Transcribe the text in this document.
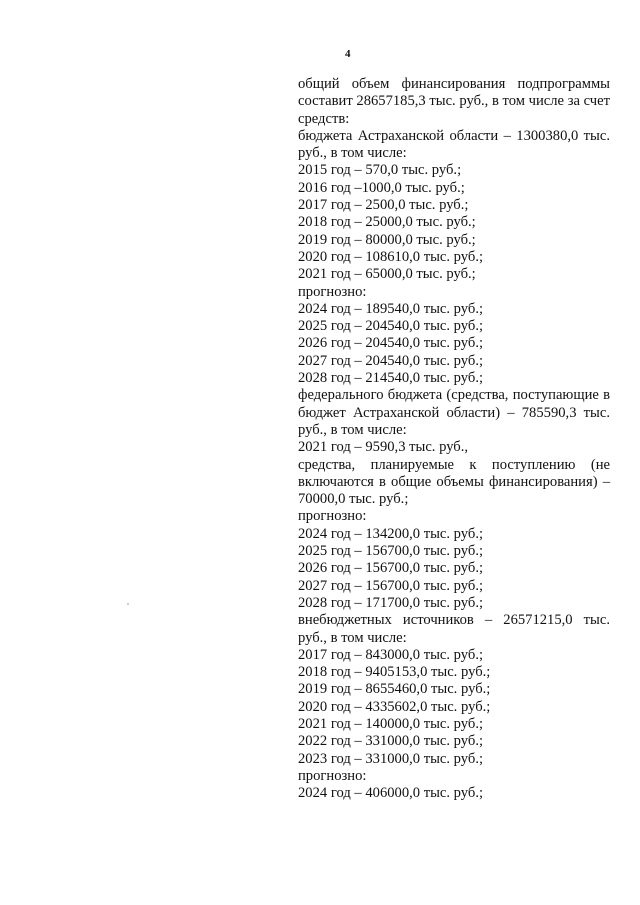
4

общий объем финансирования подпрограммы составит 28657185,3 тыс. руб., в том числе за счет средств:

бюджета Астраханской области – 1300380,0 тыс. руб., в том числе:

2015 год – 570,0 тыс. руб.;

2016 год –1000,0 тыс. руб.;

2017 год – 2500,0 тыс. руб.;

2018 год – 25000,0 тыс. руб.;

2019 год – 80000,0 тыс. руб.;

2020 год – 108610,0 тыс. руб.;

2021 год – 65000,0 тыс. руб.;

прогнозно:

2024 год – 189540,0 тыс. руб.;

2025 год – 204540,0 тыс. руб.;

2026 год – 204540,0 тыс. руб.;

2027 год – 204540,0 тыс. руб.;

2028 год – 214540,0 тыс. руб.;

федерального бюджета (средства, поступающие в бюджет Астраханской области) – 785590,3 тыс. руб., в том числе:

2021 год – 9590,3 тыс. руб.,

средства, планируемые к поступлению (не включаются в общие объемы финансирования) – 70000,0 тыс. руб.;

прогнозно:

2024 год – 134200,0 тыс. руб.;

2025 год – 156700,0 тыс. руб.;

2026 год – 156700,0 тыс. руб.;

2027 год – 156700,0 тыс. руб.;

2028 год – 171700,0 тыс. руб.;

внебюджетных источников – 26571215,0 тыс. руб., в том числе:

2017 год – 843000,0 тыс. руб.;

2018 год – 9405153,0 тыс. руб.;

2019 год – 8655460,0 тыс. руб.;

2020 год – 4335602,0 тыс. руб.;

2021 год – 140000,0 тыс. руб.;

2022 год – 331000,0 тыс. руб.;

2023 год – 331000,0 тыс. руб.;

прогнозно:

2024 год – 406000,0 тыс. руб.;
